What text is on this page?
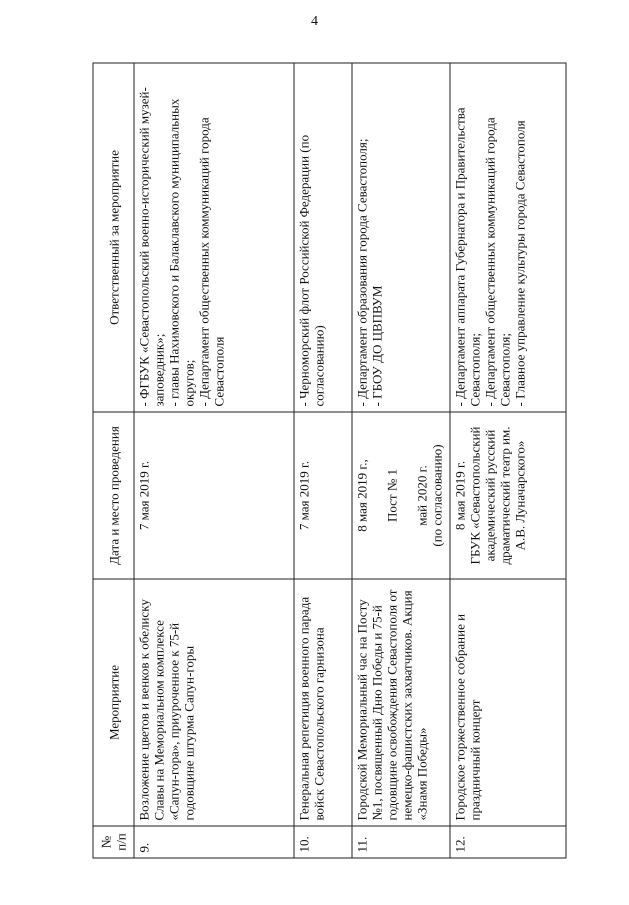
4
№ п/п	Мероприятие	Дата и место проведения	Ответственный за мероприятие
9.	Возложение цветов и венков к обелиску Славы на Мемориальном комплексе «Сапун-гора», приуроченное к 75-й годовщине штурма Сапун-горы	7 мая 2019 г.	- ФГБУК «Севастопольский военно-исторический музей-заповедник»; - главы Нахимовского и Балаклавского муниципальных округов; - Департамент общественных коммуникаций города Севастополя

10.	Генеральная репетиция военного парада войск Севастопольского гарнизона	7 мая 2019 г.	- Черноморский флот Российской Федерации (по согласованию)

11.	Городской Мемориальный час на Посту №1, посвященный Дню Победы и 75-й годовщине освобождения Севастополя от немецко-фашистских захватчиков. Акция «Знамя Победы»	8 мая 2019 г., Пост № 1 май 2020 г. (по согласованию)	- Департамент образования города Севастополя; - ГБОУ ДО ЦВПВУМ

12.	Городское торжественное собрание и праздничный концерт	8 мая 2019 г. ГБУК «Севастопольский академический русский драматический театр им. А.В. Луначарского»	- Департамент аппарата Губернатора и Правительства Севастополя; - Департамент общественных коммуникаций города Севастополя; - Главное управление культуры города Севастополя
